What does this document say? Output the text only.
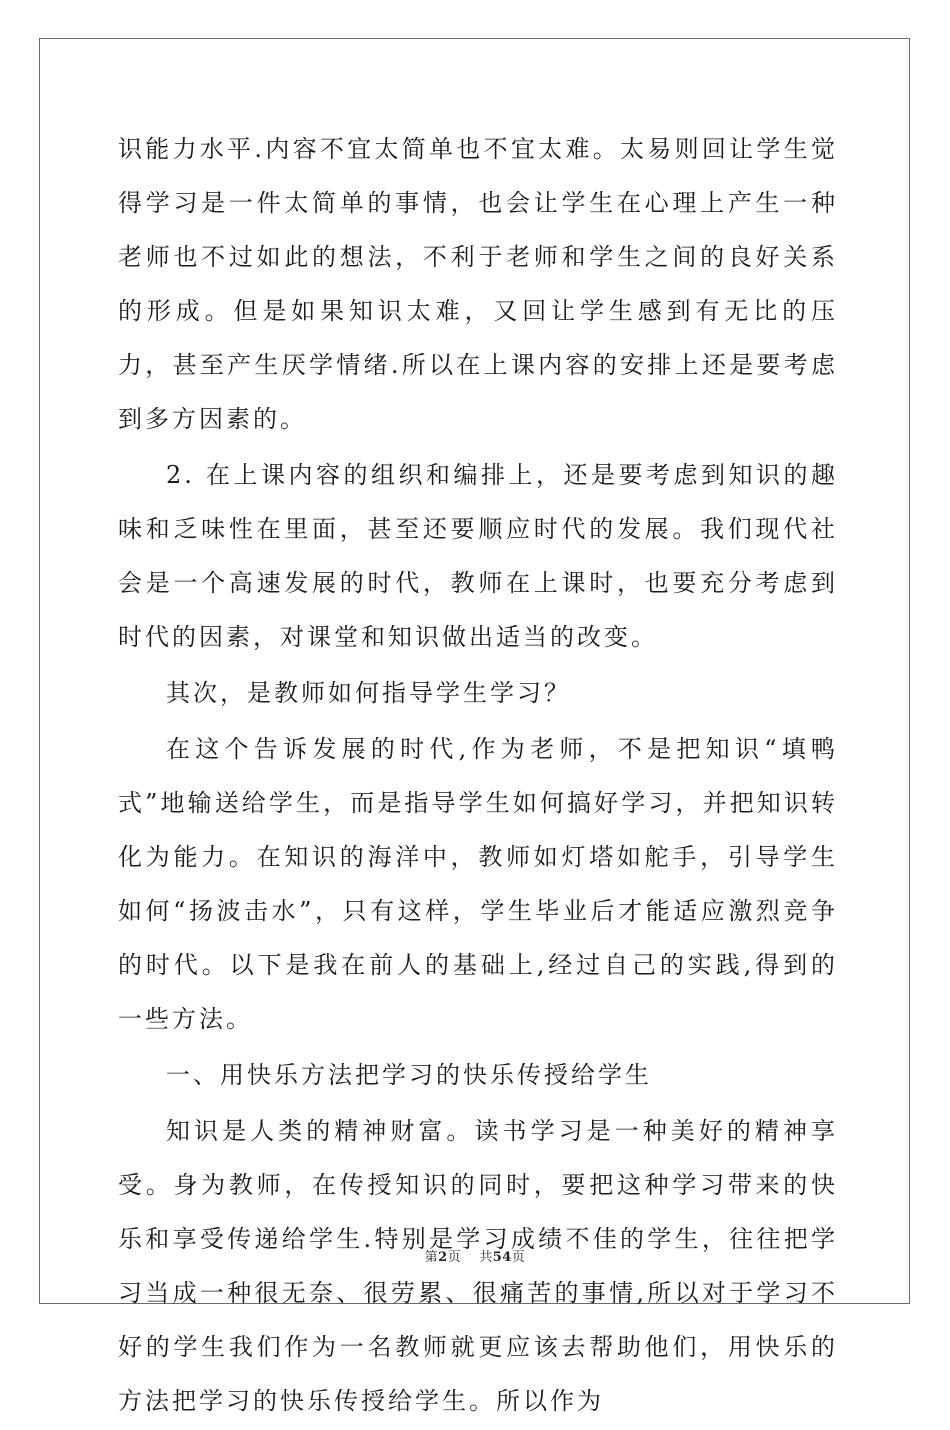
识能力水平.内容不宜太简单也不宜太难。太易则回让学生觉得学习是一件太简单的事情，也会让学生在心理上产生一种老师也不过如此的想法，不利于老师和学生之间的良好关系的形成。但是如果知识太难，又回让学生感到有无比的压力，甚至产生厌学情绪.所以在上课内容的安排上还是要考虑到多方因素的。

2. 在上课内容的组织和编排上，还是要考虑到知识的趣味和乏味性在里面，甚至还要顺应时代的发展。我们现代社会是一个高速发展的时代，教师在上课时，也要充分考虑到时代的因素，对课堂和知识做出适当的改变。

其次，是教师如何指导学生学习？

在这个告诉发展的时代,作为老师，不是把知识“填鸭式”地输送给学生，而是指导学生如何搞好学习，并把知识转化为能力。在知识的海洋中，教师如灯塔如舵手，引导学生如何“扬波击水”，只有这样，学生毕业后才能适应激烈竞争的时代。以下是我在前人的基础上,经过自己的实践,得到的一些方法。

一、用快乐方法把学习的快乐传授给学生

知识是人类的精神财富。读书学习是一种美好的精神享受。身为教师，在传授知识的同时，要把这种学习带来的快乐和享受传递给学生.特别是学习成绩不佳的学生，往往把学习当成一种很无奈、很劳累、很痛苦的事情,所以对于学习不好的学生我们作为一名教师就更应该去帮助他们，用快乐的方法把学习的快乐传授给学生。所以作为

第2页 共54页
